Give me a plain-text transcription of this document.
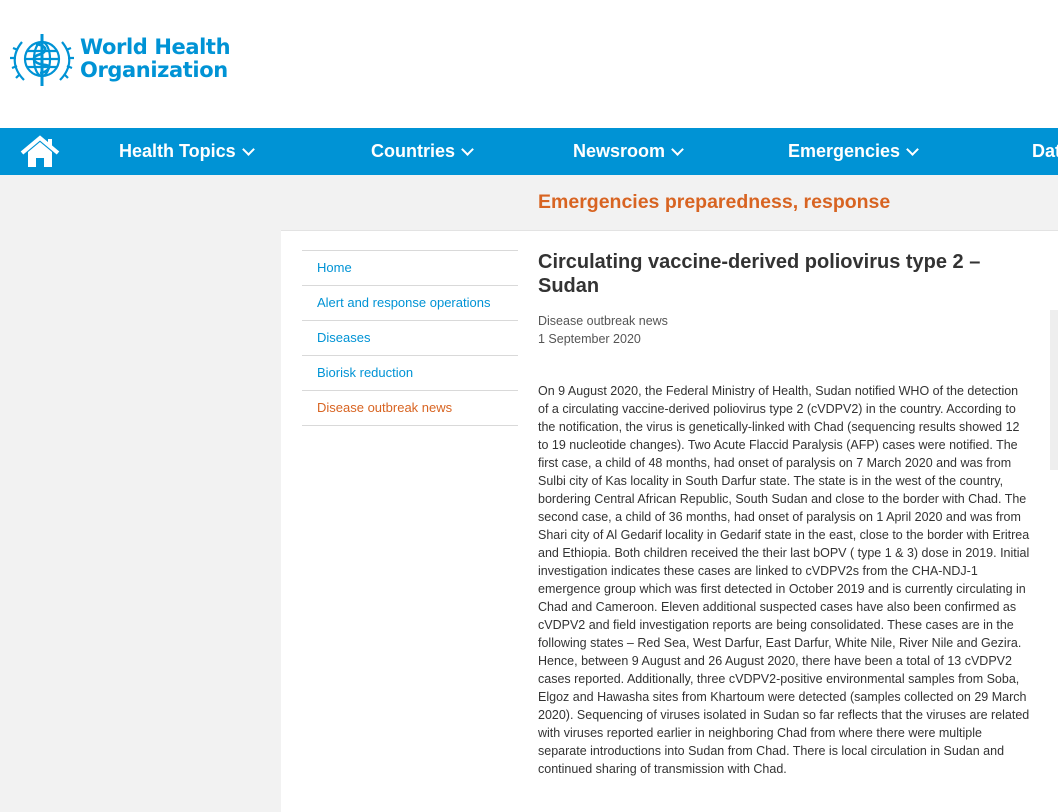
World Health
Organization
Health Topics	Countries	Newsroom	Emergencies	Dat
Emergencies preparedness, response
Home
Alert and response operations
Diseases
Biorisk reduction
Disease outbreak news
Circulating vaccine-derived poliovirus type 2 – Sudan
Disease outbreak news
1 September 2020

On 9 August 2020, the Federal Ministry of Health, Sudan notified WHO of the detection of a circulating vaccine-derived poliovirus type 2 (cVDPV2) in the country. According to the notification, the virus is genetically-linked with Chad (sequencing results showed 12 to 19 nucleotide changes). Two Acute Flaccid Paralysis (AFP) cases were notified. The first case, a child of 48 months, had onset of paralysis on 7 March 2020 and was from Sulbi city of Kas locality in South Darfur state. The state is in the west of the country, bordering Central African Republic, South Sudan and close to the border with Chad. The second case, a child of 36 months, had onset of paralysis on 1 April 2020 and was from Shari city of Al Gedarif locality in Gedarif state in the east, close to the border with Eritrea and Ethiopia. Both children received the their last bOPV ( type 1 & 3) dose in 2019. Initial investigation indicates these cases are linked to cVDPV2s from the CHA-NDJ-1 emergence group which was first detected in October 2019 and is currently circulating in Chad and Cameroon. Eleven additional suspected cases have also been confirmed as cVDPV2 and field investigation reports are being consolidated. These cases are in the following states – Red Sea, West Darfur, East Darfur, White Nile, River Nile and Gezira. Hence, between 9 August and 26 August 2020, there have been a total of 13 cVDPV2 cases reported. Additionally, three cVDPV2-positive environmental samples from Soba, Elgoz and Hawasha sites from Khartoum were detected (samples collected on 29 March 2020). Sequencing of viruses isolated in Sudan so far reflects that the viruses are related with viruses reported earlier in neighboring Chad from where there were multiple separate introductions into Sudan from Chad. There is local circulation in Sudan and continued sharing of transmission with Chad.
